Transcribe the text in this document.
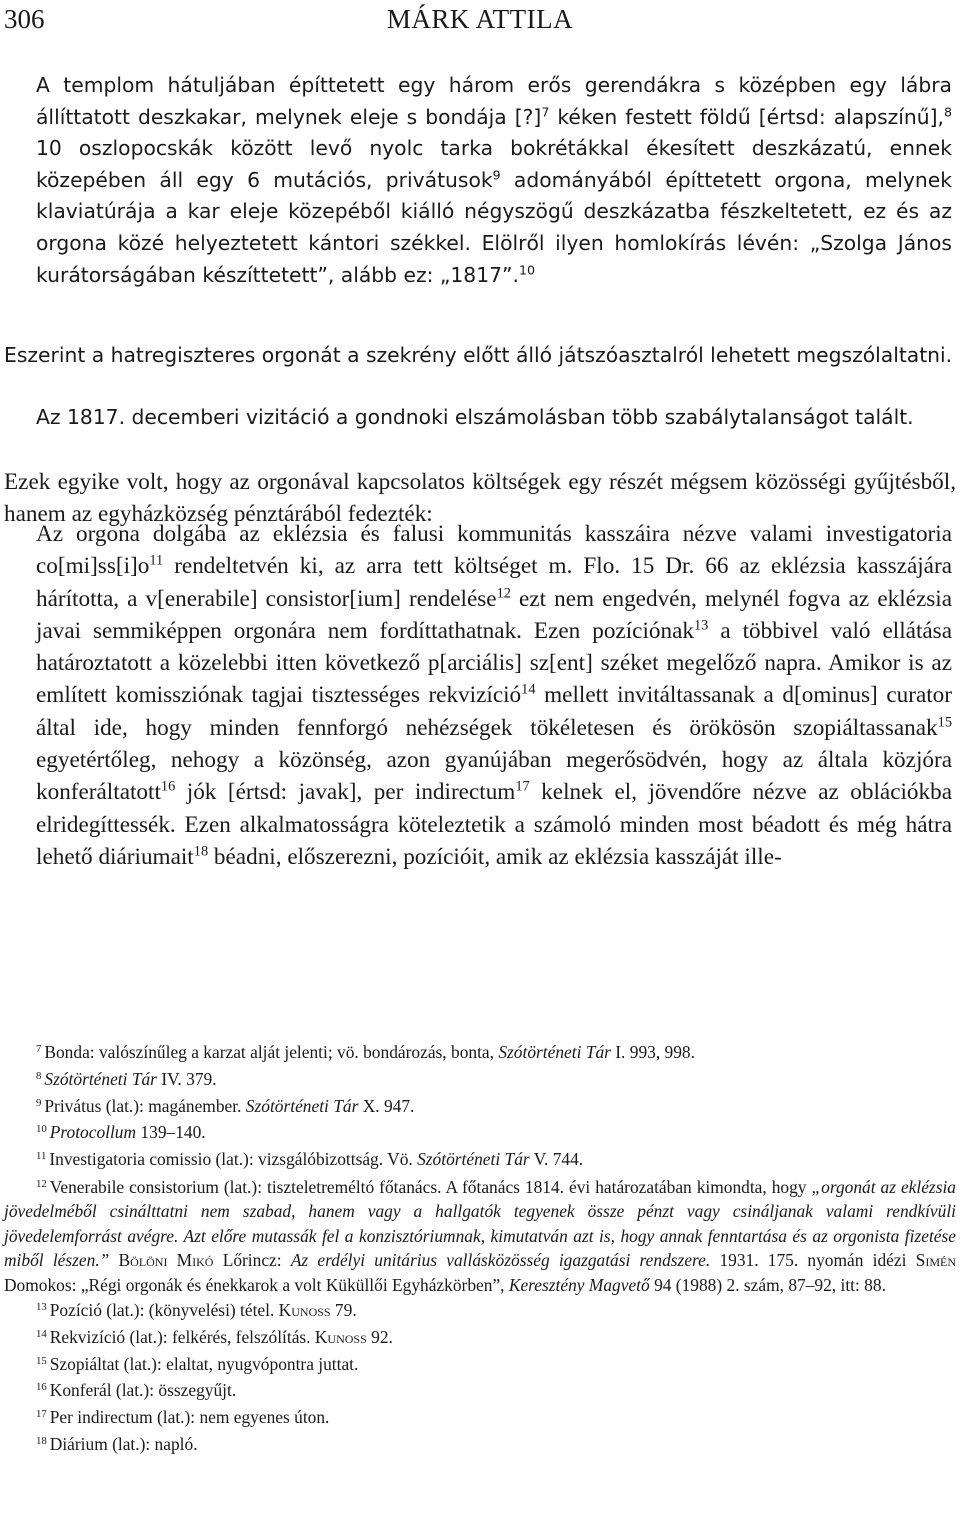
306	MÁRK ATTILA

A templom hátuljában építtetett egy három erős gerendákra s középben egy lábra állíttatott deszkakar, melynek eleje s bondája [?]$^7$ kéken festett földű [értsd: alapszínű],$^8$ 10 oszlopocskák között levő nyolc tarka bokrétákkal ékesített deszkázatú, ennek közepében áll egy 6 mutációs, privátusok$^9$ adományából építtetett orgona, melynek klaviatúrája a kar eleje közepéből kiálló négyszögű deszkázatba fészkeltetett, ez és az orgona közé helyeztetett kántori székkel. Elölről ilyen homlokírás lévén: „Szolga János kurátorságában készíttetett”, alább ez: „1817”.$^{10}$

Eszerint a hatregiszteres orgonát a szekrény előtt álló játszóasztalról lehetett megszólaltatni.

Az 1817. decemberi vizitáció a gondnoki elszámolásban több szabálytalanságot talált.

Ezek egyike volt, hogy az orgonával kapcsolatos költségek egy részét mégsem közösségi gyűjtésből, hanem az egyházközség pénztárából fedezték:

Az orgona dolgába az eklézsia és falusi kommunitás kasszáira nézve valami investigatoria $co[mi]ss[i]o^{11}$ rendeltetvén ki, az arra tett költséget m. Flo. 15 Dr. 66 az eklézsia kasszájára hárította, a v[enerabile] consistor[ium] rendelése$^{12}$ ezt nem engedvén, melynél fogva az eklézsia javai semmiképpen orgonára nem fordíttathatnak. Ezen pozíciónak$^{13}$ a többivel való ellátása határoztatott a közelebbi itten következő p[arciális] sz[ent] széket megelőző napra. Amikor is az említett komissziónak tagjai tisztességes rekvizíció$^{14}$ mellett invitáltassanak a d[ominus] curator által ide, hogy minden fennforgó nehézségek tökéletesen és örökösön szopiáltassanak$^{15}$ egyetértőleg, nehogy a közönség, azon gyanújában megerősödvén, hogy az általa közjóra konferáltatott$^{16}$ jók [értsd: javak], per indirectum$^{17}$ kelnek el, jövendőre nézve az oblációkba elridegíttessék. Ezen alkalmatosságra köteleztetik a számoló minden most béadott és még hátra lehető diáriumait$^{18}$ béadni, előszerezni, pozícióit, amik az eklézsia kasszáját ille-

$^7$ Bonda: valószínűleg a karzat alját jelenti; vö. bondározás, bonta, Szótörténeti Tár I. 993, 998.

$^8$ Szótörténeti Tár IV. 379.

$^9$ Privátus (lat.): magánember. Szótörténeti Tár X. 947.

$^{10}$ Protocollum 139–140.

$^{11}$ Investigatoria comissio (lat.): vizsgálóbizottság. Vö. Szótörténeti Tár V. 744.

$^{12}$ Venerabile consistorium (lat.): tiszteletreméltó főtanács. A főtanács 1814. évi határozatában kimondta, hogy „orgonát az eklézsia jövedelméből csinálttatni nem szabad, hanem vagy a hallgatók tegyenek össze pénzt vagy csináljanak valami rendkívüli jövedelemforrást avégre. Azt előre mutassák fel a konzisztóriumnak, kimutatván azt is, hogy annak fenntartása és az orgonista fizetése miből lészen.” Bölöni Mikó Lőrincz: Az erdélyi unitárius vallásközösség igazgatási rendszere. 1931. 175. nyomán idézi Simén Domokos: „Régi orgonák és énekkarok a volt Küküllői Egyházkörben”, Keresztény Magvető 94 (1988) 2. szám, 87–92, itt: 88.

$^{13}$ Pozíció (lat.): (könyvelési) tétel. Kunoss 79.

$^{14}$ Rekvizíció (lat.): felkérés, felszólítás. Kunoss 92.

$^{15}$ Szopiáltat (lat.): elaltat, nyugvópontra juttat.

$^{16}$ Konferál (lat.): összegyűjt.

$^{17}$ Per indirectum (lat.): nem egyenes úton.

$^{18}$ Diárium (lat.): napló.
